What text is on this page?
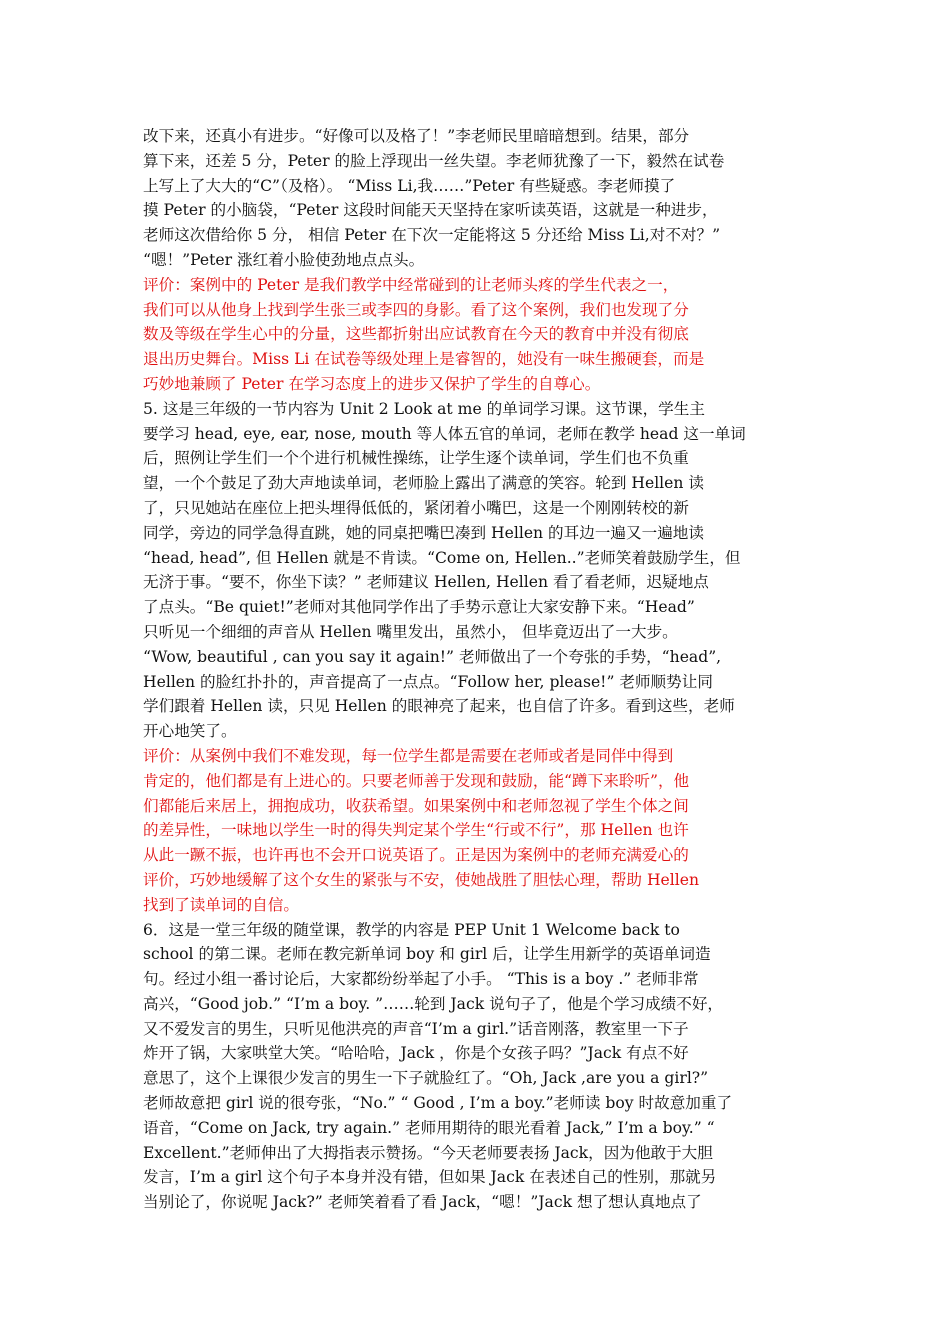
改下来，还真小有进步。“好像可以及格了！”李老师民里暗暗想到。结果，部分
算下来，还差 5 分，Peter 的脸上浮现出一丝失望。李老师犹豫了一下，毅然在试卷
上写上了大大的“C”（及格）。 “Miss Li,我……”Peter 有些疑惑。李老师摸了
摸 Peter 的小脑袋，“Peter 这段时间能天天坚持在家听读英语，这就是一种进步，
老师这次借给你 5 分， 相信 Peter 在下次一定能将这 5 分还给 Miss Li,对不对？”
“嗯！”Peter 涨红着小脸使劲地点点头。
评价：案例中的 Peter 是我们教学中经常碰到的让老师头疼的学生代表之一，
我们可以从他身上找到学生张三或李四的身影。看了这个案例，我们也发现了分
数及等级在学生心中的分量，这些都折射出应试教育在今天的教育中并没有彻底
退出历史舞台。Miss Li 在试卷等级处理上是睿智的，她没有一味生搬硬套，而是
巧妙地兼顾了 Peter 在学习态度上的进步又保护了学生的自尊心。
5. 这是三年级的一节内容为 Unit 2 Look at me 的单词学习课。这节课，学生主
要学习 head, eye, ear, nose, mouth 等人体五官的单词，老师在教学 head 这一单词
后，照例让学生们一个个进行机械性操练，让学生逐个读单词，学生们也不负重
望，一个个鼓足了劲大声地读单词，老师脸上露出了满意的笑容。轮到 Hellen 读
了，只见她站在座位上把头埋得低低的，紧闭着小嘴巴，这是一个刚刚转校的新
同学，旁边的同学急得直跳，她的同桌把嘴巴凑到 Hellen 的耳边一遍又一遍地读
“head, head”, 但 Hellen 就是不肯读。“Come on, Hellen..”老师笑着鼓励学生，但
无济于事。“要不，你坐下读？” 老师建议 Hellen, Hellen 看了看老师，迟疑地点
了点头。“Be quiet!”老师对其他同学作出了手势示意让大家安静下来。“Head”
只听见一个细细的声音从 Hellen 嘴里发出，虽然小， 但毕竟迈出了一大步。
“Wow, beautiful , can you say it again!” 老师做出了一个夸张的手势，“head”,
Hellen 的脸红扑扑的，声音提高了一点点。“Follow her, please!” 老师顺势让同
学们跟着 Hellen 读，只见 Hellen 的眼神亮了起来，也自信了许多。看到这些，老师
开心地笑了。
评价：从案例中我们不难发现，每一位学生都是需要在老师或者是同伴中得到
肯定的，他们都是有上进心的。只要老师善于发现和鼓励，能“蹲下来聆听”，他
们都能后来居上，拥抱成功，收获希望。如果案例中和老师忽视了学生个体之间
的差异性，一味地以学生一时的得失判定某个学生“行或不行”，那 Hellen 也许
从此一蹶不振，也许再也不会开口说英语了。正是因为案例中的老师充满爱心的
评价，巧妙地缓解了这个女生的紧张与不安，使她战胜了胆怯心理，帮助 Hellen
找到了读单词的自信。
6．这是一堂三年级的随堂课，教学的内容是 PEP Unit 1 Welcome back to
school 的第二课。老师在教完新单词 boy 和 girl 后，让学生用新学的英语单词造
句。经过小组一番讨论后，大家都纷纷举起了小手。 “This is a boy .” 老师非常
高兴，“Good job.” “I’m a boy. ”……轮到 Jack 说句子了，他是个学习成绩不好，
又不爱发言的男生，只听见他洪亮的声音“I’m a girl.”话音刚落，教室里一下子
炸开了锅，大家哄堂大笑。“哈哈哈，Jack ，你是个女孩子吗？”Jack 有点不好
意思了，这个上课很少发言的男生一下子就脸红了。“Oh, Jack ,are you a girl?”
老师故意把 girl 说的很夸张，“No.” “ Good , I’m a boy.”老师读 boy 时故意加重了
语音，“Come on Jack, try again.” 老师用期待的眼光看着 Jack,” I’m a boy.” “
Excellent.”老师伸出了大拇指表示赞扬。“今天老师要表扬 Jack，因为他敢于大胆
发言，I’m a girl 这个句子本身并没有错，但如果 Jack 在表述自己的性别，那就另
当别论了，你说呢 Jack?” 老师笑着看了看 Jack，“嗯！”Jack 想了想认真地点了
